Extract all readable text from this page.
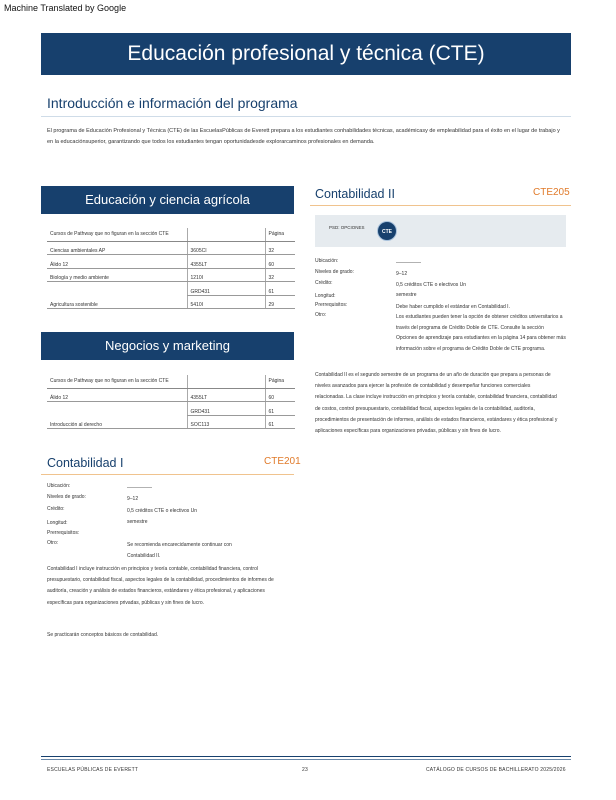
Machine Translated by Google
Educación profesional y técnica (CTE)
Introducción e información del programa
El programa de Educación Profesional y Técnica (CTE) de las EscuelasPúblicas de Everett prepara a los estudiantes conhabilidades técnicas, académicasy de empleabilidad para el éxito en el lugar de trabajo y en la educaciónsuperior, garantizando que todos los estudiantes tengan oportunidadesde explorarcaminos profesionales en demanda.
Educación y ciencia agrícola
Cursos de Pathway que no figuran en la sección CTE		Página
Ciencias ambientales AP	3605CI	32
Álido 12	4355LT	60
Biología y medio ambiente	1210I	32
	GRD431	61
Agricultura sostenible	5410I	29
Negocios y marketing
Cursos de Pathway que no figuran en la sección CTE		Página
Álido 12	4355LT	60
	GRD431	61
Introducción al derecho	SOC113	61
Contabilidad I	CTE201
Ubicación:	—————
Niveles de grado:	9–12
Crédito:	0,5 créditos CTE o electivos Un
Longitud:	semestre
Prerrequisitos:
Otro:	Se recomienda encarecidamente continuar con Contabilidad II.
Contabilidad I incluye instrucción en principios y teoría contable, contabilidad financiera, control presupuestario, contabilidad fiscal, aspectos legales de la contabilidad, procedimientos de informes de auditoría, creación y análisis de estados financieros, estándares y ética profesional, y aplicaciones específicas para organizaciones privadas, públicas y sin fines de lucro.
Se practicarán conceptos básicos de contabilidad.
Contabilidad II	CTE205
PSD: OPCIONES
CTE
Ubicación:	—————
Niveles de grado:	9–12
Crédito:	0,5 créditos CTE o electivos Un
Longitud:	semestre
Prerrequisitos:	Debe haber cumplido el estándar en Contabilidad I.
Otro:	Los estudiantes pueden tener la opción de obtener créditos universitarios a través del programa de Crédito Doble de CTE. Consulte la sección Opciones de aprendizaje para estudiantes en la página 14 para obtener más información sobre el programa de Crédito Doble de CTE programa.
Contabilidad II es el segundo semestre de un programa de un año de duración que prepara a personas de niveles avanzados para ejercer la profesión de contabilidad y desempeñar funciones comerciales relacionadas. La clase incluye instrucción en principios y teoría contable, contabilidad financiera, contabilidad de costos, control presupuestario, contabilidad fiscal, aspectos legales de la contabilidad, auditoría, procedimientos de presentación de informes, análisis de estados financieros, estándares y ética profesional y aplicaciones específicas para organizaciones privadas, públicas y sin fines de lucro.
ESCUELAS PÚBLICAS DE EVERETT	23	CATÁLOGO DE CURSOS DE BACHILLERATO 2025/2026
